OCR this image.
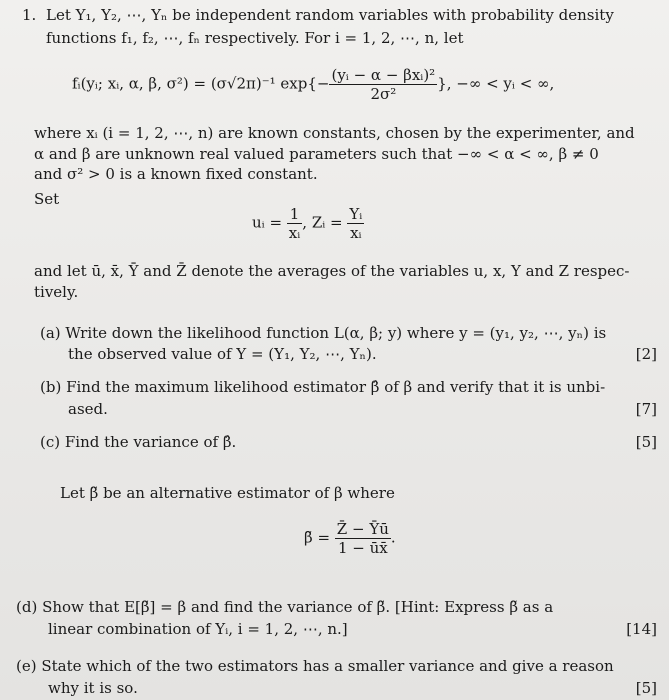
1. Let Y₁, Y₂, ⋯, Yₙ be independent random variables with probability density
functions f₁, f₂, ⋯, fₙ respectively. For i = 1, 2, ⋯, n, let
fᵢ(yᵢ; xᵢ, α, β, σ²) = (σ√2π)⁻¹ $\exp\{- \frac{\text{(yᵢ − α − βxᵢ)²}}{\text{2σ²}}$ }, −∞ < yᵢ < ∞,
where xᵢ (i = 1, 2, ⋯, n) are known constants, chosen by the experimenter, and
α and β are unknown real valued parameters such that −∞ < α < ∞, β ≠ 0
and σ² > 0 is a known fixed constant.
Set
uᵢ = $\frac{1}{\text{xᵢ}}$ , Zᵢ = $\frac{\text{Yᵢ}}{\text{xᵢ}}$
and let ū, x̄, Ȳ and Z̄ denote the averages of the variables u, x, Y and Z respec-
tively.
(a) Write down the likelihood function L(α, β; y) where y = (y₁, y₂, ⋯, yₙ) is
the observed value of Y = (Y₁, Y₂, ⋯, Yₙ).	[2]
(b) Find the maximum likelihood estimator β̂ of β and verify that it is unbi-
ased.	[7]
(c) Find the variance of β̂.	[5]
Let β̃ be an alternative estimator of β where
β̃ = $\frac{Z̄ - Ȳū}{1 - ūx̄}$ .
(d) Show that E[β̃] = β and find the variance of β̃. [Hint: Express β̃ as a
linear combination of Yᵢ, i = 1, 2, ⋯, n.]	[14]
(e) State which of the two estimators has a smaller variance and give a reason
why it is so.	[5]
